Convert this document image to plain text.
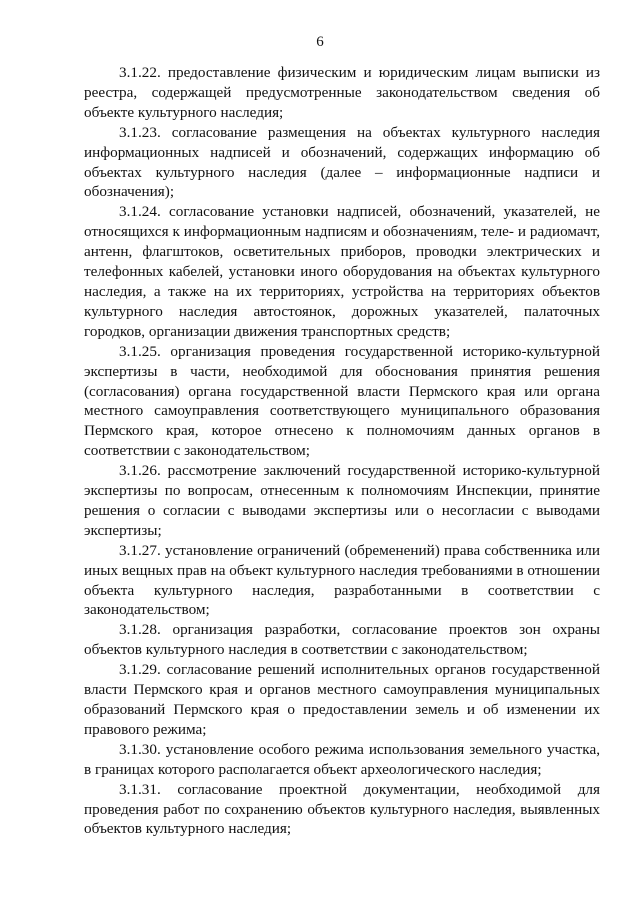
6

3.1.22. предоставление физическим и юридическим лицам выписки из реестра, содержащей предусмотренные законодательством сведения об объекте культурного наследия;

3.1.23. согласование размещения на объектах культурного наследия информационных надписей и обозначений, содержащих информацию об объектах культурного наследия (далее – информационные надписи и обозначения);

3.1.24. согласование установки надписей, обозначений, указателей, не относящихся к информационным надписям и обозначениям, теле- и радиомачт, антенн, флагштоков, осветительных приборов, проводки электрических и телефонных кабелей, установки иного оборудования на объектах культурного наследия, а также на их территориях, устройства на территориях объектов культурного наследия автостоянок, дорожных указателей, палаточных городков, организации движения транспортных средств;

3.1.25. организация проведения государственной историко-культурной экспертизы в части, необходимой для обоснования принятия решения (согласования) органа государственной власти Пермского края или органа местного самоуправления соответствующего муниципального образования Пермского края, которое отнесено к полномочиям данных органов в соответствии с законодательством;

3.1.26. рассмотрение заключений государственной историко-культурной экспертизы по вопросам, отнесенным к полномочиям Инспекции, принятие решения о согласии с выводами экспертизы или о несогласии с выводами экспертизы;

3.1.27. установление ограничений (обременений) права собственника или иных вещных прав на объект культурного наследия требованиями в отношении объекта культурного наследия, разработанными в соответствии с законодательством;

3.1.28. организация разработки, согласование проектов зон охраны объектов культурного наследия в соответствии с законодательством;

3.1.29. согласование решений исполнительных органов государственной власти Пермского края и органов местного самоуправления муниципальных образований Пермского края о предоставлении земель и об изменении их правового режима;

3.1.30. установление особого режима использования земельного участка, в границах которого располагается объект археологического наследия;

3.1.31. согласование проектной документации, необходимой для проведения работ по сохранению объектов культурного наследия, выявленных объектов культурного наследия;
